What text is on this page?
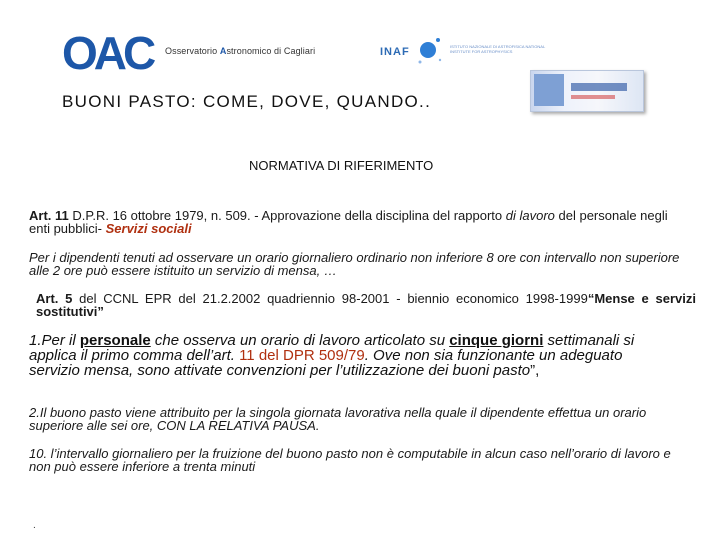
OAC Osservatorio Astronomico di Cagliari	INAF	ISTITUTO NAZIONALE DI ASTROFISICA NATIONAL INSTITUTE FOR ASTROPHYSICS
BUONI PASTO: COME, DOVE, QUANDO..
NORMATIVA DI RIFERIMENTO
Art. 11 D.P.R. 16 ottobre 1979, n. 509. - Approvazione della disciplina del rapporto di lavoro del personale negli enti pubblici- Servizi sociali
Per i dipendenti tenuti ad osservare un orario giornaliero ordinario non inferiore 8 ore con intervallo non superiore alle 2 ore può essere istituito un servizio di mensa, …
Art. 5 del CCNL EPR del 21.2.2002 quadriennio 98-2001 - biennio economico 1998-1999“Mense e servizi sostitutivi”
1.Per il personale che osserva un orario di lavoro articolato su cinque giorni settimanali si applica il primo comma dell’art. 11 del DPR 509/79. Ove non sia funzionante un adeguato servizio mensa, sono attivate convenzioni per l’utilizzazione dei buoni pasto”,
2.Il buono pasto viene attribuito per la singola giornata lavorativa nella quale il dipendente effettua un orario superiore alle sei ore, CON LA RELATIVA PAUSA.
10. l’intervallo giornaliero per la fruizione del buono pasto non è computabile in alcun caso nell’orario di lavoro e non può essere inferiore a trenta minuti
.
